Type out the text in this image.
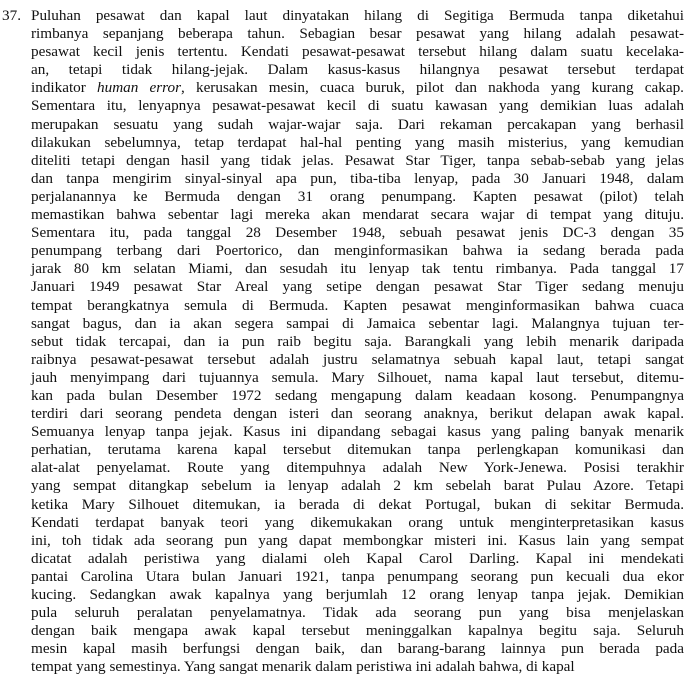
37. Puluhan pesawat dan kapal laut dinyatakan hilang di Segitiga Bermuda tanpa diketahui
rimbanya sepanjang beberapa tahun. Sebagian besar pesawat yang hilang adalah pesawat-
pesawat kecil jenis tertentu. Kendati pesawat-pesawat tersebut hilang dalam suatu kecelaka-
an, tetapi tidak hilang-jejak. Dalam kasus-kasus hilangnya pesawat tersebut terdapat
indikator human error, kerusakan mesin, cuaca buruk, pilot dan nakhoda yang kurang cakap.
Sementara itu, lenyapnya pesawat-pesawat kecil di suatu kawasan yang demikian luas adalah
merupakan sesuatu yang sudah wajar-wajar saja. Dari rekaman percakapan yang berhasil
dilakukan sebelumnya, tetap terdapat hal-hal penting yang masih misterius, yang kemudian
diteliti tetapi dengan hasil yang tidak jelas. Pesawat Star Tiger, tanpa sebab-sebab yang jelas
dan tanpa mengirim sinyal-sinyal apa pun, tiba-tiba lenyap, pada 30 Januari 1948, dalam
perjalanannya ke Bermuda dengan 31 orang penumpang. Kapten pesawat (pilot) telah
memastikan bahwa sebentar lagi mereka akan mendarat secara wajar di tempat yang dituju.
Sementara itu, pada tanggal 28 Desember 1948, sebuah pesawat jenis DC-3 dengan 35
penumpang terbang dari Poertorico, dan menginformasikan bahwa ia sedang berada pada
jarak 80 km selatan Miami, dan sesudah itu lenyap tak tentu rimbanya. Pada tanggal 17
Januari 1949 pesawat Star Areal yang setipe dengan pesawat Star Tiger sedang menuju
tempat berangkatnya semula di Bermuda. Kapten pesawat menginformasikan bahwa cuaca
sangat bagus, dan ia akan segera sampai di Jamaica sebentar lagi. Malangnya tujuan ter-
sebut tidak tercapai, dan ia pun raib begitu saja. Barangkali yang lebih menarik daripada
raibnya pesawat-pesawat tersebut adalah justru selamatnya sebuah kapal laut, tetapi sangat
jauh menyimpang dari tujuannya semula. Mary Silhouet, nama kapal laut tersebut, ditemu-
kan pada bulan Desember 1972 sedang mengapung dalam keadaan kosong. Penumpangnya
terdiri dari seorang pendeta dengan isteri dan seorang anaknya, berikut delapan awak kapal.
Semuanya lenyap tanpa jejak. Kasus ini dipandang sebagai kasus yang paling banyak menarik
perhatian, terutama karena kapal tersebut ditemukan tanpa perlengkapan komunikasi dan
alat-alat penyelamat. Route yang ditempuhnya adalah New York-Jenewa. Posisi terakhir
yang sempat ditangkap sebelum ia lenyap adalah 2 km sebelah barat Pulau Azore. Tetapi
ketika Mary Silhouet ditemukan, ia berada di dekat Portugal, bukan di sekitar Bermuda.
Kendati terdapat banyak teori yang dikemukakan orang untuk menginterpretasikan kasus
ini, toh tidak ada seorang pun yang dapat membongkar misteri ini. Kasus lain yang sempat
dicatat adalah peristiwa yang dialami oleh Kapal Carol Darling. Kapal ini mendekati
pantai Carolina Utara bulan Januari 1921, tanpa penumpang seorang pun kecuali dua ekor
kucing. Sedangkan awak kapalnya yang berjumlah 12 orang lenyap tanpa jejak. Demikian
pula seluruh peralatan penyelamatnya. Tidak ada seorang pun yang bisa menjelaskan
dengan baik mengapa awak kapal tersebut meninggalkan kapalnya begitu saja. Seluruh
mesin kapal masih berfungsi dengan baik, dan barang-barang lainnya pun berada pada
tempat yang semestinya. Yang sangat menarik dalam peristiwa ini adalah bahwa, di kapal
